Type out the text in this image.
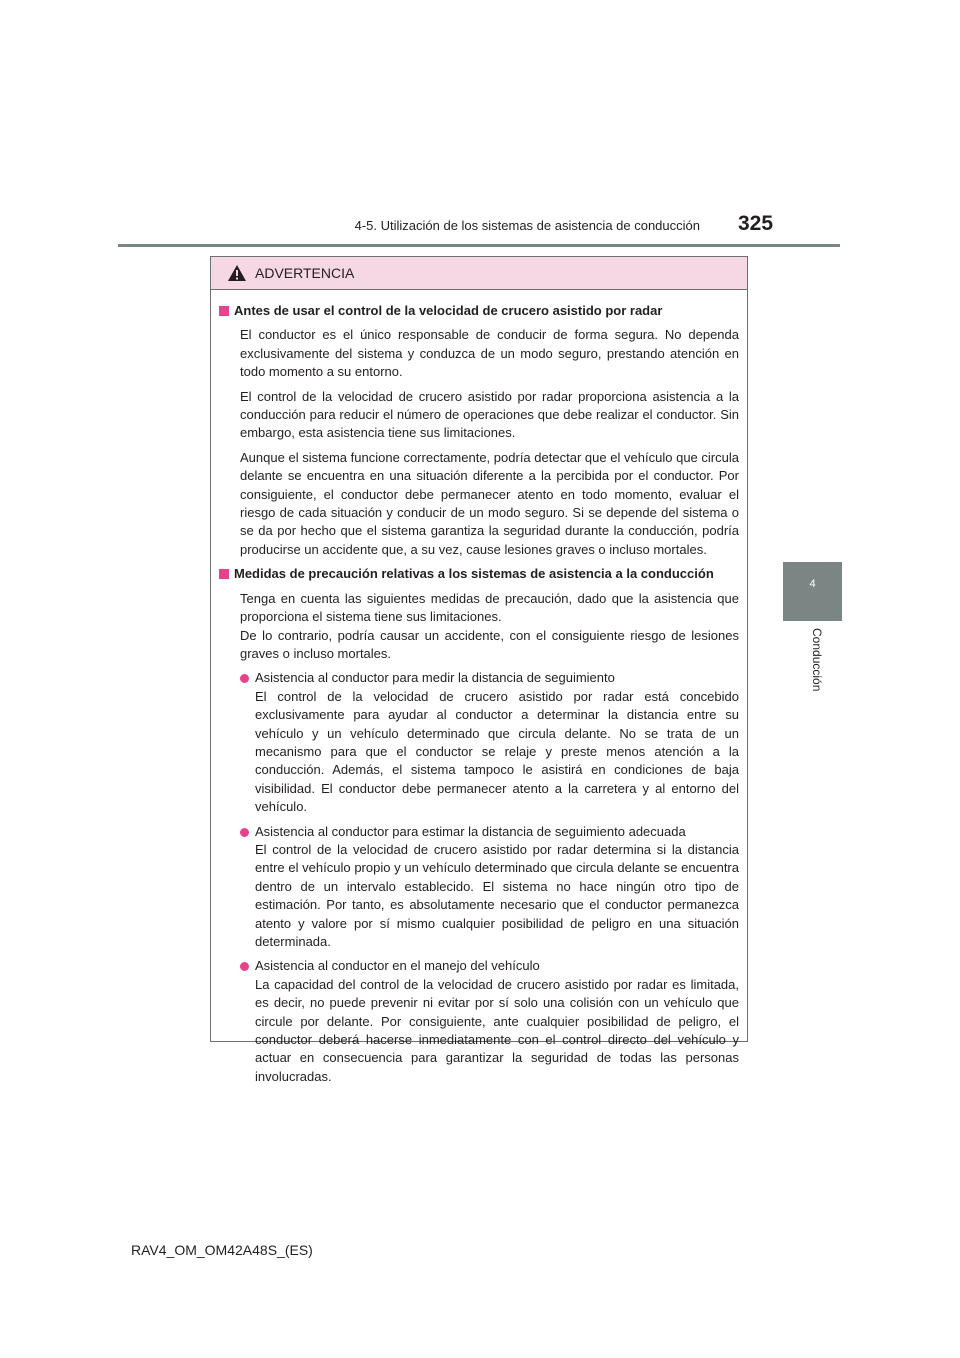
4-5. Utilización de los sistemas de asistencia de conducción 325
4
Conducción
ADVERTENCIA
Antes de usar el control de la velocidad de crucero asistido por radar

El conductor es el único responsable de conducir de forma segura. No dependa exclusivamente del sistema y conduzca de un modo seguro, prestando atención en todo momento a su entorno.

El control de la velocidad de crucero asistido por radar proporciona asistencia a la conducción para reducir el número de operaciones que debe realizar el conductor. Sin embargo, esta asistencia tiene sus limitaciones.

Aunque el sistema funcione correctamente, podría detectar que el vehículo que circula delante se encuentra en una situación diferente a la percibida por el conductor. Por consiguiente, el conductor debe permanecer atento en todo momento, evaluar el riesgo de cada situación y conducir de un modo seguro. Si se depende del sistema o se da por hecho que el sistema garantiza la seguridad durante la conducción, podría producirse un accidente que, a su vez, cause lesiones graves o incluso mortales.

Medidas de precaución relativas a los sistemas de asistencia a la conducción

Tenga en cuenta las siguientes medidas de precaución, dado que la asistencia que proporciona el sistema tiene sus limitaciones.

De lo contrario, podría causar un accidente, con el consiguiente riesgo de lesiones graves o incluso mortales.

Asistencia al conductor para medir la distancia de seguimiento
El control de la velocidad de crucero asistido por radar está concebido exclusivamente para ayudar al conductor a determinar la distancia entre su vehículo y un vehículo determinado que circula delante. No se trata de un mecanismo para que el conductor se relaje y preste menos atención a la conducción. Además, el sistema tampoco le asistirá en condiciones de baja visibilidad. El conductor debe permanecer atento a la carretera y al entorno del vehículo.
Asistencia al conductor para estimar la distancia de seguimiento adecuada
El control de la velocidad de crucero asistido por radar determina si la distancia entre el vehículo propio y un vehículo determinado que circula delante se encuentra dentro de un intervalo establecido. El sistema no hace ningún otro tipo de estimación. Por tanto, es absolutamente necesario que el conductor permanezca atento y valore por sí mismo cualquier posibilidad de peligro en una situación determinada.
Asistencia al conductor en el manejo del vehículo
La capacidad del control de la velocidad de crucero asistido por radar es limitada, es decir, no puede prevenir ni evitar por sí solo una colisión con un vehículo que circule por delante. Por consiguiente, ante cualquier posibilidad de peligro, el conductor deberá hacerse inmediatamente con el control directo del vehículo y actuar en consecuencia para garantizar la seguridad de todas las personas involucradas.
RAV4_OM_OM42A48S_(ES)
